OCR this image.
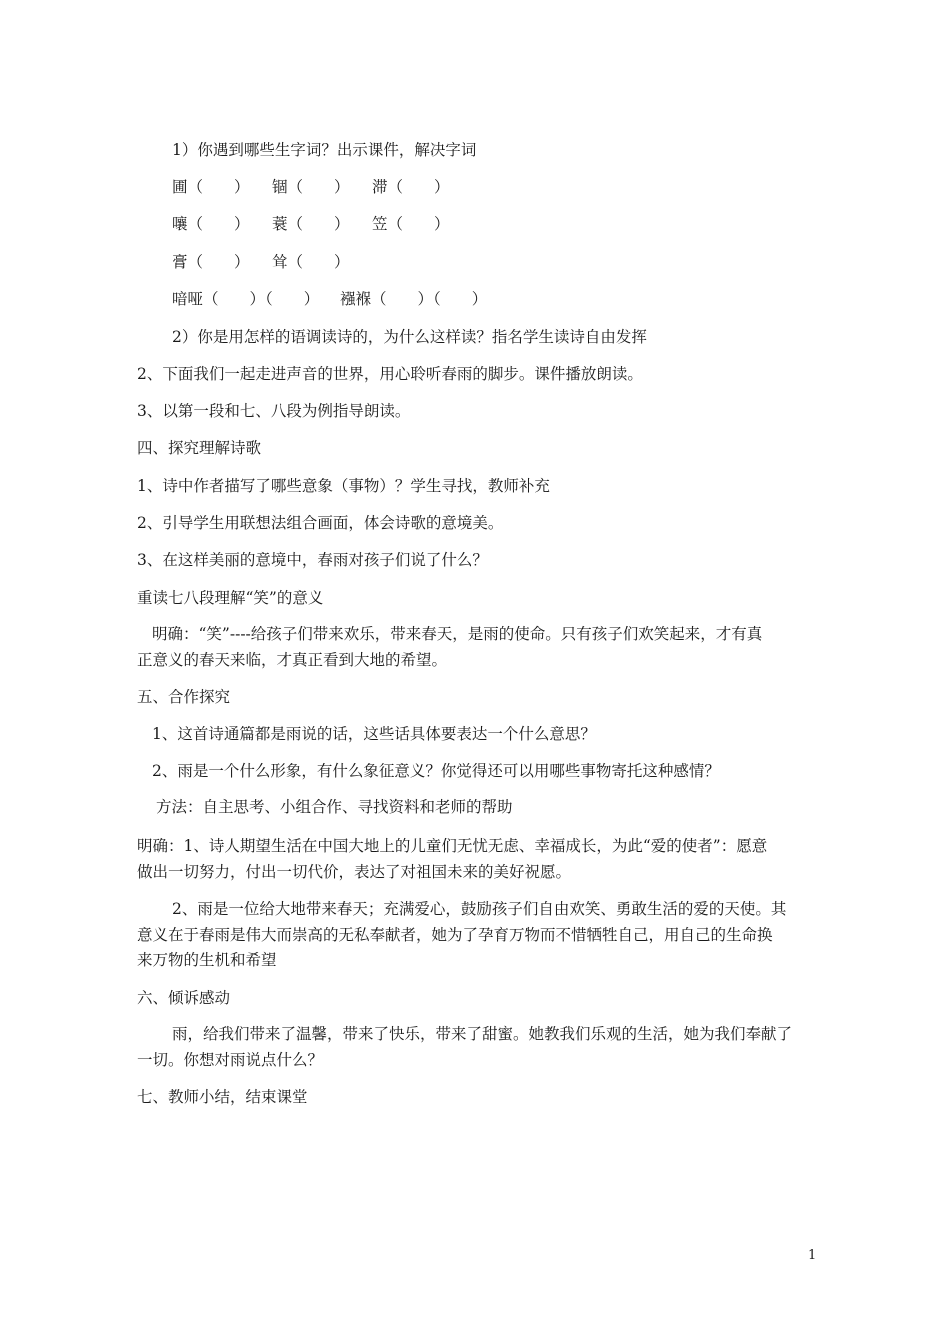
1）你遇到哪些生字词？出示课件，解决字词
圃（　　） 锢（　　） 滞（　　）
嚷（　　） 蓑（　　） 笠（　　）
膏（　　） 耸（　　）
喑哑（　　）（　　） 襁褓（　　）（　　）
2）你是用怎样的语调读诗的，为什么这样读？指名学生读诗自由发挥
2、下面我们一起走进声音的世界，用心聆听春雨的脚步。课件播放朗读。
3、以第一段和七、八段为例指导朗读。
四、探究理解诗歌
1、诗中作者描写了哪些意象（事物）？学生寻找，教师补充
2、引导学生用联想法组合画面，体会诗歌的意境美。
3、在这样美丽的意境中，春雨对孩子们说了什么？
重读七八段理解“笑”的意义
明确：“笑”----给孩子们带来欢乐，带来春天，是雨的使命。只有孩子们欢笑起来，才有真
正意义的春天来临，才真正看到大地的希望。
五、合作探究
1、这首诗通篇都是雨说的话，这些话具体要表达一个什么意思？
2、雨是一个什么形象，有什么象征意义？你觉得还可以用哪些事物寄托这种感情？
方法：自主思考、小组合作、寻找资料和老师的帮助
明确：1、诗人期望生活在中国大地上的儿童们无忧无虑、幸福成长，为此“爱的使者”：愿意
做出一切努力，付出一切代价，表达了对祖国未来的美好祝愿。
2、雨是一位给大地带来春天；充满爱心，鼓励孩子们自由欢笑、勇敢生活的爱的天使。其
意义在于春雨是伟大而崇高的无私奉献者，她为了孕育万物而不惜牺牲自己，用自己的生命换
来万物的生机和希望
六、倾诉感动
雨，给我们带来了温馨，带来了快乐，带来了甜蜜。她教我们乐观的生活，她为我们奉献了
一切。你想对雨说点什么？
七、教师小结，结束课堂
1
